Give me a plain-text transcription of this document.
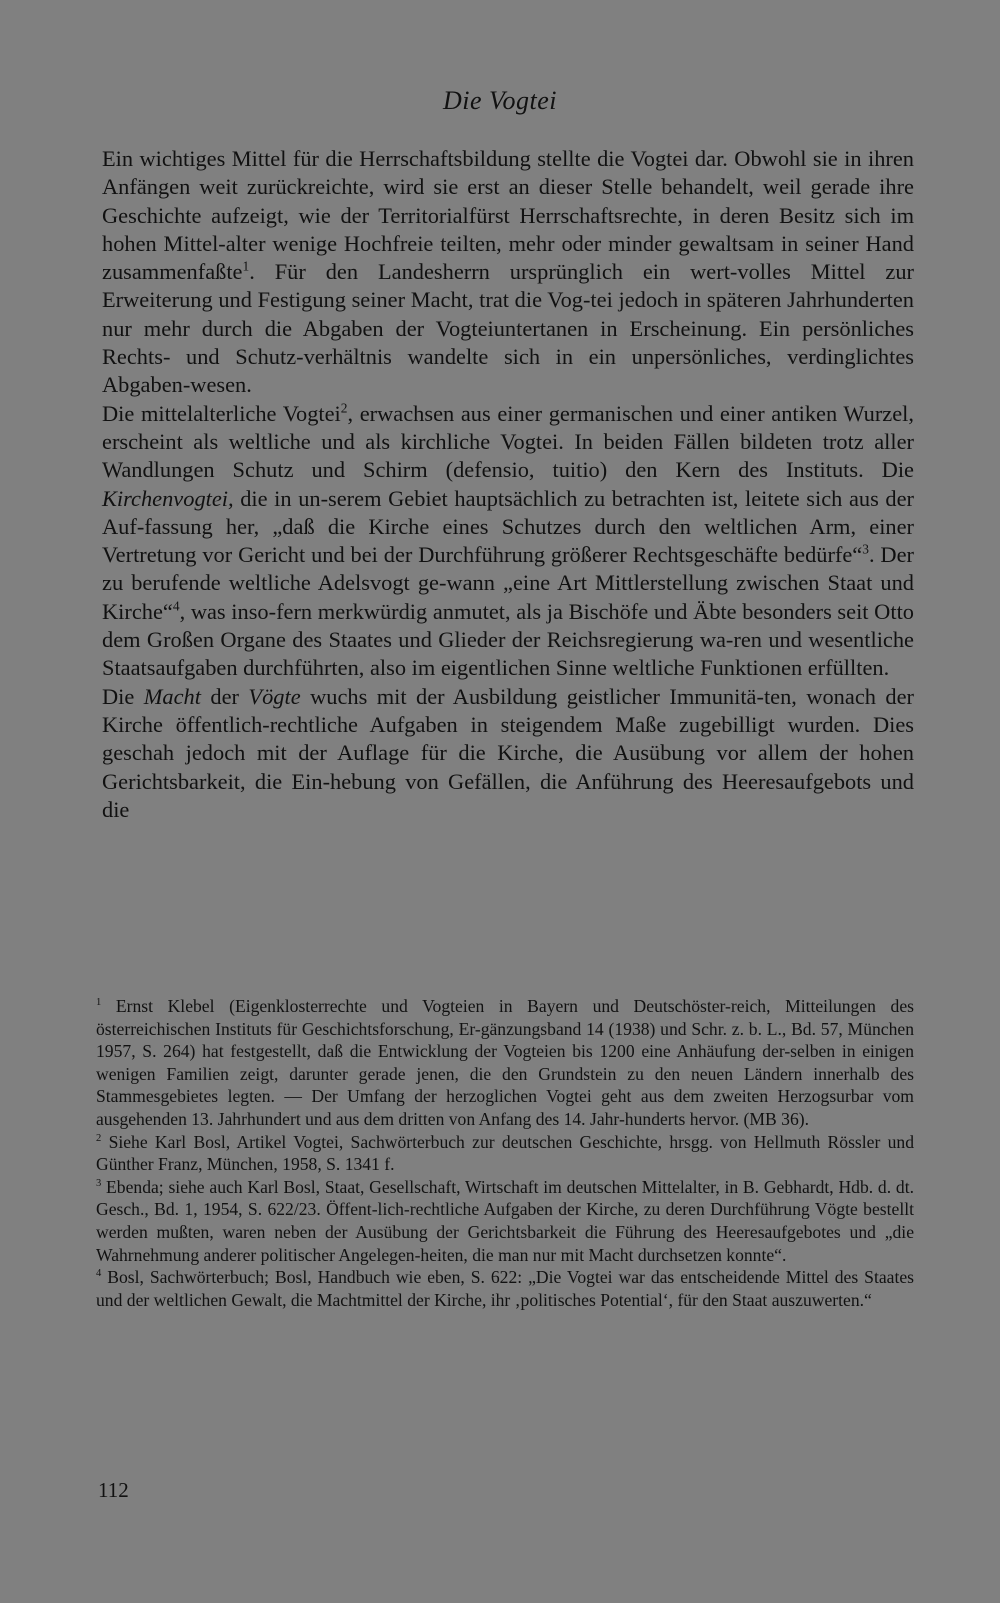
Die Vogtei

Ein wichtiges Mittel für die Herrschaftsbildung stellte die Vogtei dar. Obwohl sie in ihren Anfängen weit zurückreichte, wird sie erst an dieser Stelle behandelt, weil gerade ihre Geschichte aufzeigt, wie der Territorialfürst Herrschaftsrechte, in deren Besitz sich im hohen Mittel-alter wenige Hochfreie teilten, mehr oder minder gewaltsam in seiner Hand zusammenfaßte$^1$. Für den Landesherrn ursprünglich ein wert-volles Mittel zur Erweiterung und Festigung seiner Macht, trat die Vog-tei jedoch in späteren Jahrhunderten nur mehr durch die Abgaben der Vogteiuntertanen in Erscheinung. Ein persönliches Rechts- und Schutz-verhältnis wandelte sich in ein unpersönliches, verdinglichtes Abgaben-wesen.

Die mittelalterliche Vogtei$^2$, erwachsen aus einer germanischen und einer antiken Wurzel, erscheint als weltliche und als kirchliche Vogtei. In beiden Fällen bildeten trotz aller Wandlungen Schutz und Schirm (defensio, tuitio) den Kern des Instituts. Die Kirchenvogtei, die in un-serem Gebiet hauptsächlich zu betrachten ist, leitete sich aus der Auf-fassung her, „daß die Kirche eines Schutzes durch den weltlichen Arm, einer Vertretung vor Gericht und bei der Durchführung größerer Rechtsgeschäfte bedürfe“$^3$. Der zu berufende weltliche Adelsvogt ge-wann „eine Art Mittlerstellung zwischen Staat und Kirche“$^4$, was inso-fern merkwürdig anmutet, als ja Bischöfe und Äbte besonders seit Otto dem Großen Organe des Staates und Glieder der Reichsregierung wa-ren und wesentliche Staatsaufgaben durchführten, also im eigentlichen Sinne weltliche Funktionen erfüllten.

Die Macht der Vögte wuchs mit der Ausbildung geistlicher Immunitä-ten, wonach der Kirche öffentlich-rechtliche Aufgaben in steigendem Maße zugebilligt wurden. Dies geschah jedoch mit der Auflage für die Kirche, die Ausübung vor allem der hohen Gerichtsbarkeit, die Ein-hebung von Gefällen, die Anführung des Heeresaufgebots und die

$^1$ Ernst Klebel (Eigenklosterrechte und Vogteien in Bayern und Deutschöster-reich, Mitteilungen des österreichischen Instituts für Geschichtsforschung, Er-gänzungsband 14 (1938) und Schr. z. b. L., Bd. 57, München 1957, S. 264) hat festgestellt, daß die Entwicklung der Vogteien bis 1200 eine Anhäufung der-selben in einigen wenigen Familien zeigt, darunter gerade jenen, die den Grundstein zu den neuen Ländern innerhalb des Stammesgebietes legten. — Der Umfang der herzoglichen Vogtei geht aus dem zweiten Herzogsurbar vom ausgehenden 13. Jahrhundert und aus dem dritten von Anfang des 14. Jahr-hunderts hervor. (MB 36).

$^2$ Siehe Karl Bosl, Artikel Vogtei, Sachwörterbuch zur deutschen Geschichte, hrsgg. von Hellmuth Rössler und Günther Franz, München, 1958, S. 1341 f.

$^3$ Ebenda; siehe auch Karl Bosl, Staat, Gesellschaft, Wirtschaft im deutschen Mittelalter, in B. Gebhardt, Hdb. d. dt. Gesch., Bd. 1, 1954, S. 622/23. Öffent-lich-rechtliche Aufgaben der Kirche, zu deren Durchführung Vögte bestellt werden mußten, waren neben der Ausübung der Gerichtsbarkeit die Führung des Heeresaufgebotes und „die Wahrnehmung anderer politischer Angelegen-heiten, die man nur mit Macht durchsetzen konnte“.

$^4$ Bosl, Sachwörterbuch; Bosl, Handbuch wie eben, S. 622: „Die Vogtei war das entscheidende Mittel des Staates und der weltlichen Gewalt, die Machtmittel der Kirche, ihr ‚politisches Potential‘, für den Staat auszuwerten.“

112
